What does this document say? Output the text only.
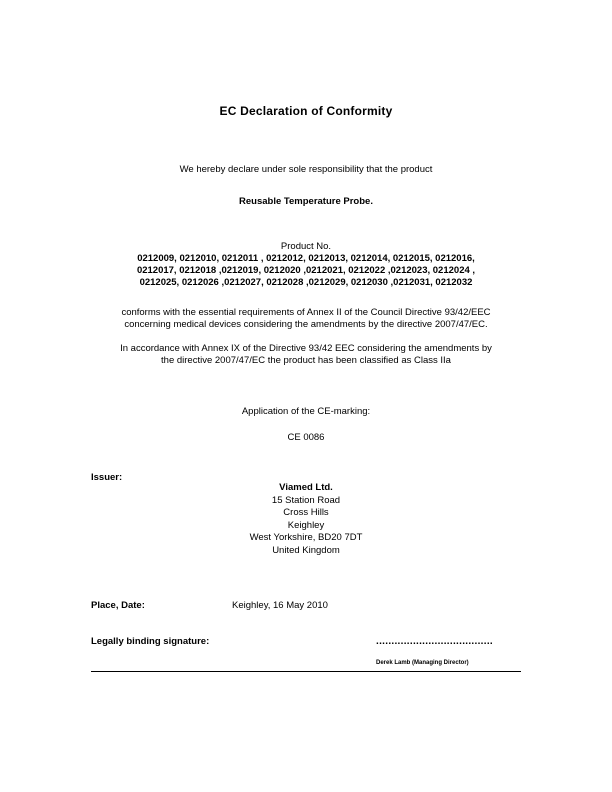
EC Declaration of Conformity
We hereby declare under sole responsibility that the product
Reusable Temperature Probe.
Product No.
0212009, 0212010, 0212011 , 0212012, 0212013, 0212014, 0212015, 0212016,
0212017, 0212018 ,0212019, 0212020 ,0212021, 0212022 ,0212023, 0212024 ,
0212025, 0212026 ,0212027, 0212028 ,0212029, 0212030 ,0212031, 0212032
conforms with the essential requirements of Annex II of the Council Directive 93/42/EEC
concerning medical devices considering the amendments by the directive 2007/47/EC.
In accordance with Annex IX of the Directive 93/42 EEC considering the amendments by
the directive 2007/47/EC the product has been classified as Class IIa
Application of the CE-marking:
CE 0086
Issuer:
Viamed Ltd.
15 Station Road
Cross Hills
Keighley
West Yorkshire, BD20 7DT
United Kingdom
Place, Date:	Keighley, 16 May 2010
Legally binding signature:	......................................
Derek Lamb (Managing Director)
